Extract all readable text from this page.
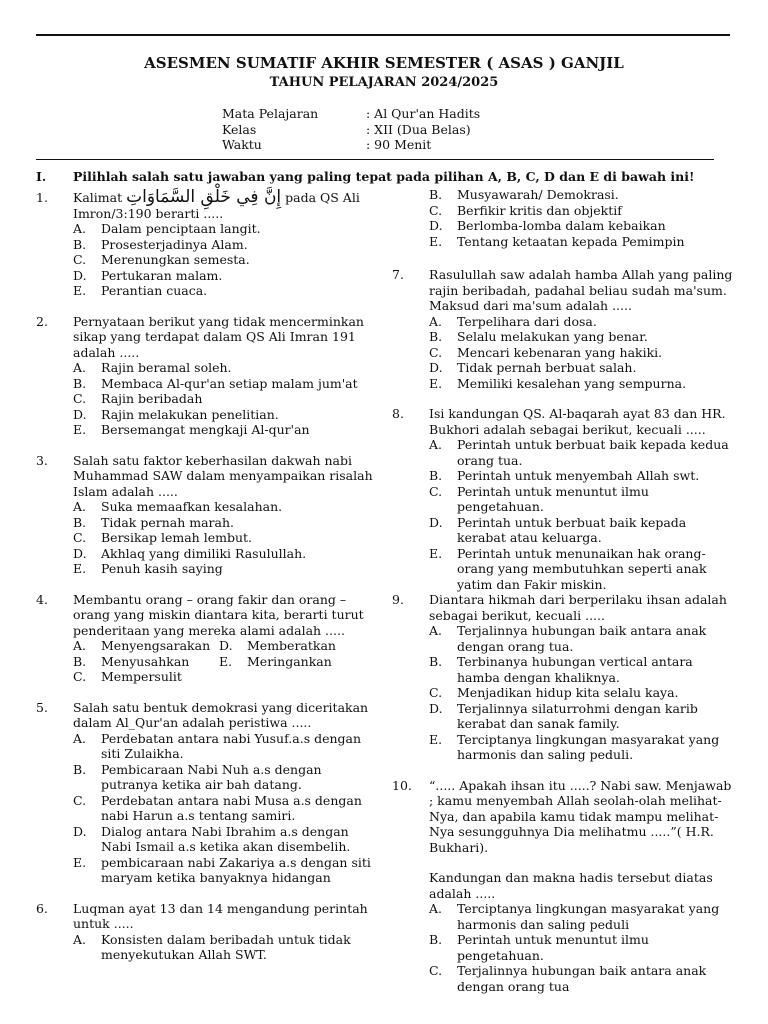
ASESMEN SUMATIF AKHIR SEMESTER ( ASAS ) GANJIL
TAHUN PELAJARAN 2024/2025
Mata Pelajaran	: Al Qur'an Hadits
Kelas	: XII (Dua Belas)
Waktu	: 90 Menit
I. Pilihlah salah satu jawaban yang paling tepat pada pilihan A, B, C, D dan E di bawah ini!
1. Kalimat إِنَّ فِي خَلْقِ السَّمَاوَاتِ pada QS Ali
Imron/3:190 berarti .....
A. Dalam penciptaan langit.
B. Prosesterjadinya Alam.
C. Merenungkan semesta.
D. Pertukaran malam.
E. Perantian cuaca.
2. Pernyataan berikut yang tidak mencerminkan sikap yang terdapat dalam QS Ali Imran 191 adalah .....
A. Rajin beramal soleh.
B. Membaca Al-qur'an setiap malam jum'at
C. Rajin beribadah
D. Rajin melakukan penelitian.
E. Bersemangat mengkaji Al-qur'an
3. Salah satu faktor keberhasilan dakwah nabi Muhammad SAW dalam menyampaikan risalah Islam adalah .....
A. Suka memaafkan kesalahan.
B. Tidak pernah marah.
C. Bersikap lemah lembut.
D. Akhlaq yang dimiliki Rasulullah.
E. Penuh kasih saying
4. Membantu orang – orang fakir dan orang – orang yang miskin diantara kita, berarti turut penderitaan yang mereka alami adalah .....
A. Menyengsarakan D. Memberatkan
B. Menyusahkan	E. Meringankan
C. Mempersulit
5. Salah satu bentuk demokrasi yang diceritakan dalam Al_Qur'an adalah peristiwa .....
A. Perdebatan antara nabi Yusuf.a.s dengan siti Zulaikha.
B. Pembicaraan Nabi Nuh a.s dengan putranya ketika air bah datang.
C. Perdebatan antara nabi Musa a.s dengan nabi Harun a.s tentang samiri.
D. Dialog antara Nabi Ibrahim a.s dengan Nabi Ismail a.s ketika akan disembelih.
E. pembicaraan nabi Zakariya a.s dengan siti maryam ketika banyaknya hidangan
6. Luqman ayat 13 dan 14 mengandung perintah untuk .....
A. Konsisten dalam beribadah untuk tidak menyekutukan Allah SWT.
B. Musyawarah/ Demokrasi.
C. Berfikir kritis dan objektif
D. Berlomba-lomba dalam kebaikan
E. Tentang ketaatan kepada Pemimpin
7. Rasulullah saw adalah hamba Allah yang paling rajin beribadah, padahal beliau sudah ma'sum. Maksud dari ma'sum adalah .....
A. Terpelihara dari dosa.
B. Selalu melakukan yang benar.
C. Mencari kebenaran yang hakiki.
D. Tidak pernah berbuat salah.
E. Memiliki kesalehan yang sempurna.
8. Isi kandungan QS. Al-baqarah ayat 83 dan HR. Bukhori adalah sebagai berikut, kecuali .....
A. Perintah untuk berbuat baik kepada kedua orang tua.
B. Perintah untuk menyembah Allah swt.
C. Perintah untuk menuntut ilmu pengetahuan.
D. Perintah untuk berbuat baik kepada kerabat atau keluarga.
E. Perintah untuk menunaikan hak orang-orang yang membutuhkan seperti anak yatim dan Fakir miskin.
9. Diantara hikmah dari berperilaku ihsan adalah sebagai berikut, kecuali .....
A. Terjalinnya hubungan baik antara anak dengan orang tua.
B. Terbinanya hubungan vertical antara hamba dengan khaliknya.
C. Menjadikan hidup kita selalu kaya.
D. Terjalinnya silaturrohmi dengan karib kerabat dan sanak family.
E. Terciptanya lingkungan masyarakat yang harmonis dan saling peduli.
10. “..... Apakah ihsan itu .....? Nabi saw. Menjawab ; kamu menyembah Allah seolah-olah melihat-Nya, dan apabila kamu tidak mampu melihat-Nya sesungguhnya Dia melihatmu .....”( H.R. Bukhari).
Kandungan dan makna hadis tersebut diatas adalah .....
A. Terciptanya lingkungan masyarakat yang harmonis dan saling peduli
B. Perintah untuk menuntut ilmu pengetahuan.
C. Terjalinnya hubungan baik antara anak dengan orang tua
